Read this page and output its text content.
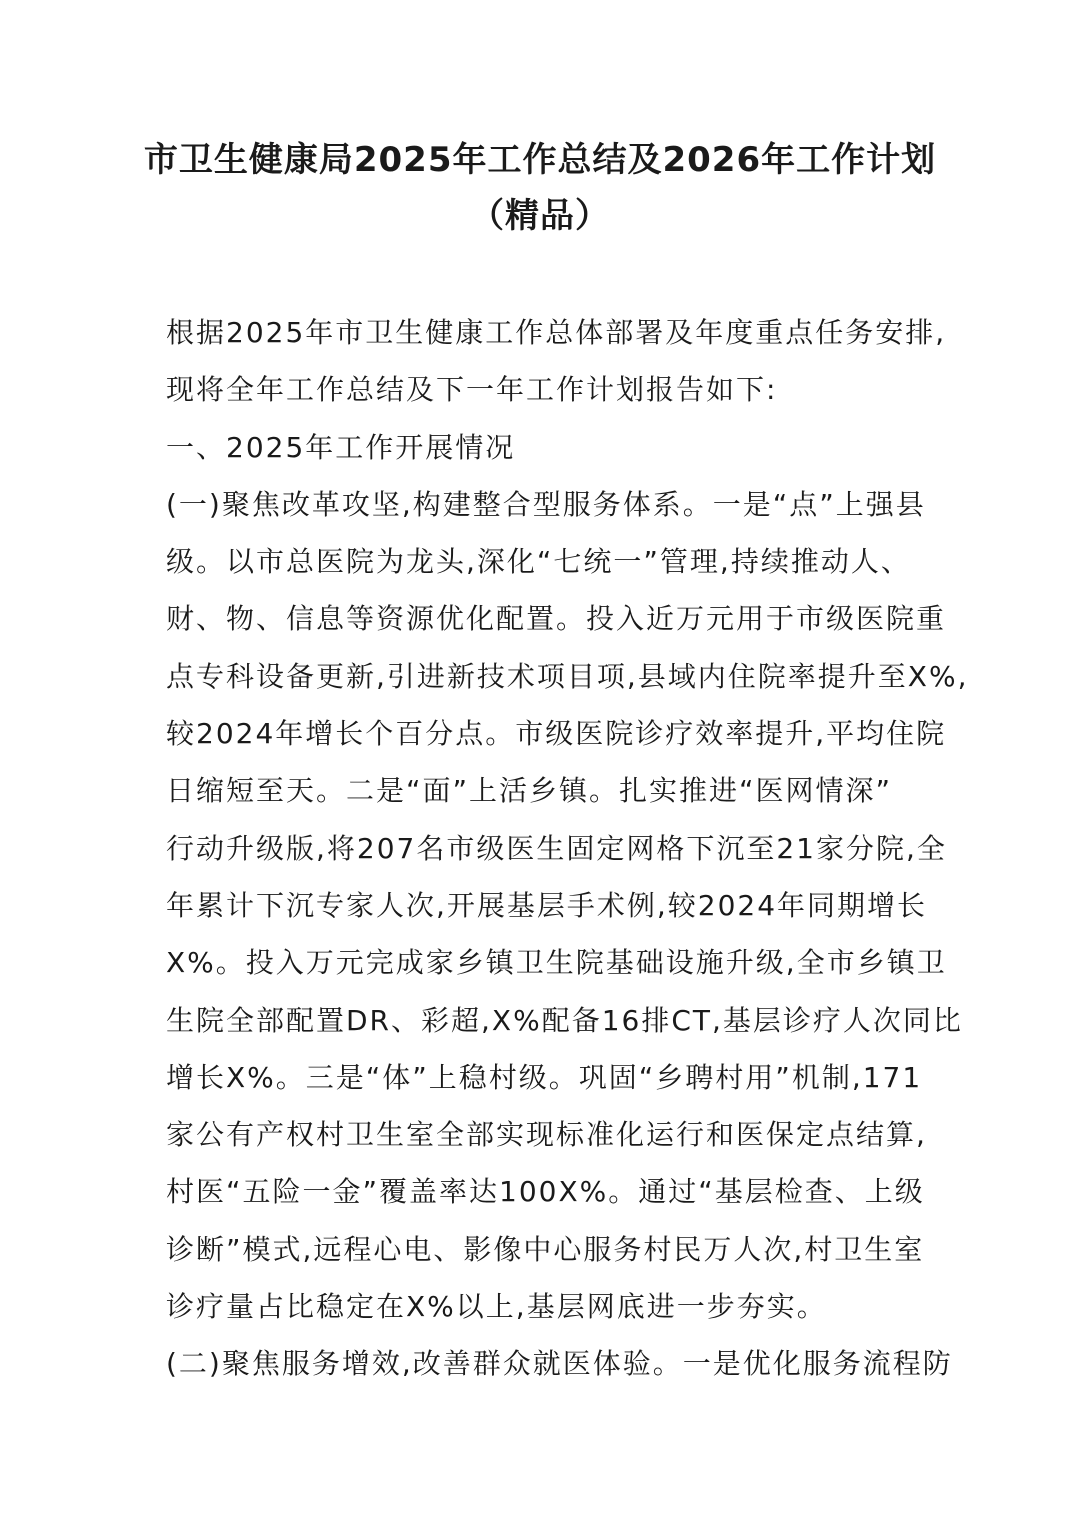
市卫生健康局2025年工作总结及2026年工作计划
（精品）
根据2025年市卫生健康工作总体部署及年度重点任务安排,
现将全年工作总结及下一年工作计划报告如下:
一、2025年工作开展情况
(一)聚焦改革攻坚,构建整合型服务体系。一是“点”上强县
级。以市总医院为龙头,深化“七统一”管理,持续推动人、
财、物、信息等资源优化配置。投入近万元用于市级医院重
点专科设备更新,引进新技术项目项,县域内住院率提升至X%,
较2024年增长个百分点。市级医院诊疗效率提升,平均住院
日缩短至天。二是“面”上活乡镇。扎实推进“医网情深”
行动升级版,将207名市级医生固定网格下沉至21家分院,全
年累计下沉专家人次,开展基层手术例,较2024年同期增长
X%。投入万元完成家乡镇卫生院基础设施升级,全市乡镇卫
生院全部配置DR、彩超,X%配备16排CT,基层诊疗人次同比
增长X%。三是“体”上稳村级。巩固“乡聘村用”机制,171
家公有产权村卫生室全部实现标准化运行和医保定点结算,
村医“五险一金”覆盖率达100X%。通过“基层检查、上级
诊断”模式,远程心电、影像中心服务村民万人次,村卫生室
诊疗量占比稳定在X%以上,基层网底进一步夯实。
(二)聚焦服务增效,改善群众就医体验。一是优化服务流程防
